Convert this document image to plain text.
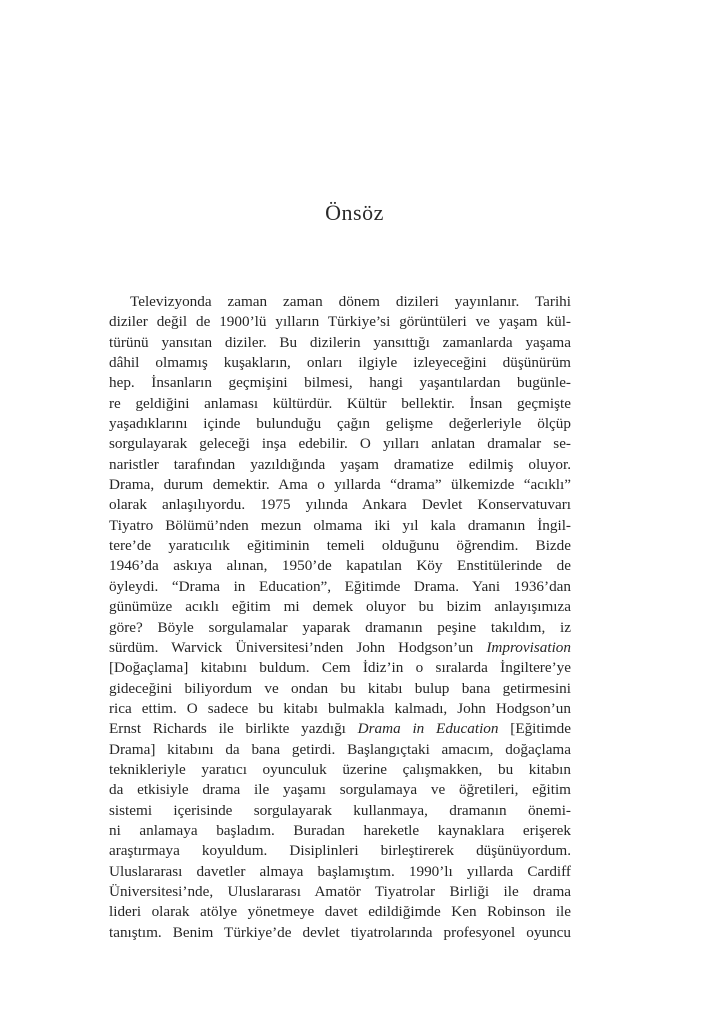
Önsöz
Televizyonda zaman zaman dönem dizileri yayınlanır. Tarihi
diziler değil de 1900’lü yılların Türkiye’si görüntüleri ve yaşam kül-
türünü yansıtan diziler. Bu dizilerin yansıttığı zamanlarda yaşama
dâhil olmamış kuşakların, onları ilgiyle izleyeceğini düşünürüm
hep. İnsanların geçmişini bilmesi, hangi yaşantılardan bugünle-
re geldiğini anlaması kültürdür. Kültür bellektir. İnsan geçmişte
yaşadıklarını içinde bulunduğu çağın gelişme değerleriyle ölçüp
sorgulayarak geleceği inşa edebilir. O yılları anlatan dramalar se-
naristler tarafından yazıldığında yaşam dramatize edilmiş oluyor.
Drama, durum demektir. Ama o yıllarda “drama” ülkemizde “acıklı”
olarak anlaşılıyordu. 1975 yılında Ankara Devlet Konservatuvarı
Tiyatro Bölümü’nden mezun olmama iki yıl kala dramanın İngil-
tere’de yaratıcılık eğitiminin temeli olduğunu öğrendim. Bizde
1946’da askıya alınan, 1950’de kapatılan Köy Enstitülerinde de
öyleydi. “Drama in Education”, Eğitimde Drama. Yani 1936’dan
günümüze acıklı eğitim mi demek oluyor bu bizim anlayışımıza
göre? Böyle sorgulamalar yaparak dramanın peşine takıldım, iz
sürdüm. Warvick Üniversitesi’nden John Hodgson’un Improvisation
[Doğaçlama] kitabını buldum. Cem İdiz’in o sıralarda İngiltere’ye
gideceğini biliyordum ve ondan bu kitabı bulup bana getirmesini
rica ettim. O sadece bu kitabı bulmakla kalmadı, John Hodgson’un
Ernst Richards ile birlikte yazdığı Drama in Education [Eğitimde
Drama] kitabını da bana getirdi. Başlangıçtaki amacım, doğaçlama
teknikleriyle yaratıcı oyunculuk üzerine çalışmakken, bu kitabın
da etkisiyle drama ile yaşamı sorgulamaya ve öğretileri, eğitim
sistemi içerisinde sorgulayarak kullanmaya, dramanın önemi-
ni anlamaya başladım. Buradan hareketle kaynaklara erişerek
araştırmaya koyuldum. Disiplinleri birleştirerek düşünüyordum.
Uluslararası davetler almaya başlamıştım. 1990’lı yıllarda Cardiff
Üniversitesi’nde, Uluslararası Amatör Tiyatrolar Birliği ile drama
lideri olarak atölye yönetmeye davet edildiğimde Ken Robinson ile
tanıştım. Benim Türkiye’de devlet tiyatrolarında profesyonel oyuncu
